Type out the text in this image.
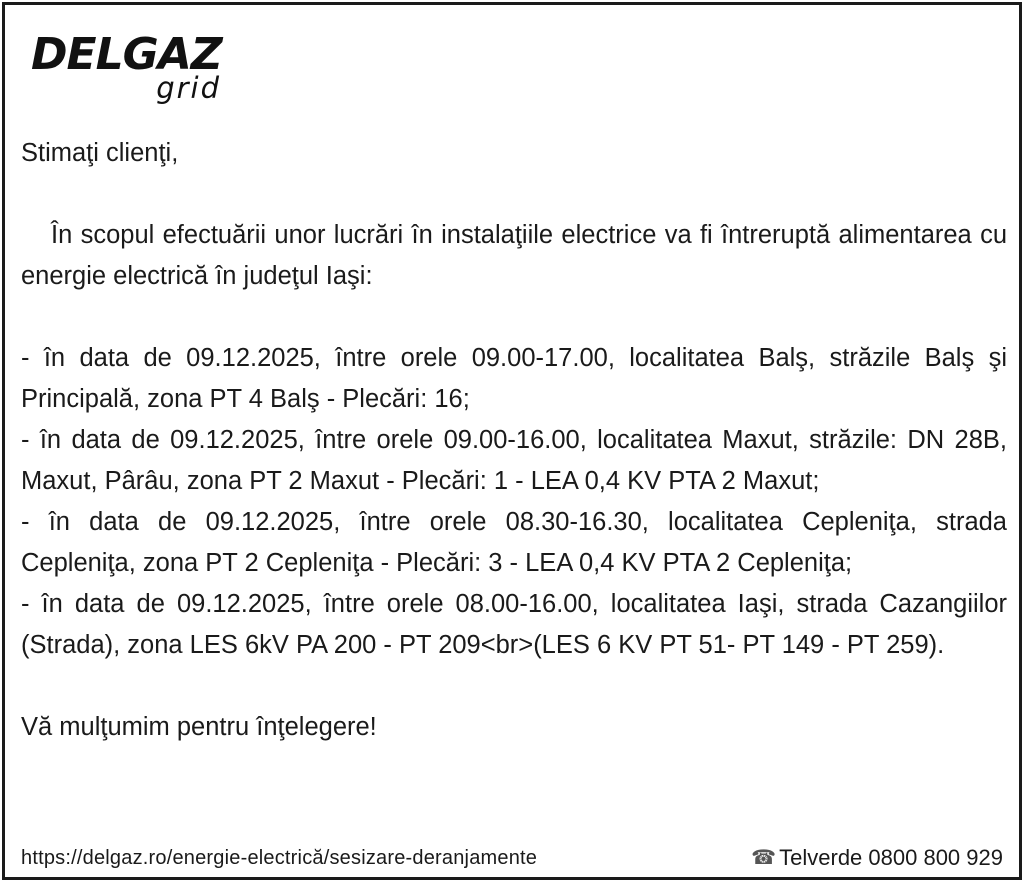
DELGAZ
grid

Stimaţi clienţi,

În scopul efectuării unor lucrări în instalaţiile electrice va fi întreruptă alimentarea cu energie electrică în judeţul Iaşi:

- în data de 09.12.2025, între orele 09.00-17.00, localitatea Balş, străzile Balş şi Principală, zona PT 4 Balş - Plecări: 16;

- în data de 09.12.2025, între orele 09.00-16.00, localitatea Maxut, străzile: DN 28B, Maxut, Pârâu, zona PT 2 Maxut - Plecări: 1 - LEA 0,4 KV PTA 2 Maxut;

- în data de 09.12.2025, între orele 08.30-16.30, localitatea Cepleniţa, strada Cepleniţa, zona PT 2 Cepleniţa - Plecări: 3 - LEA 0,4 KV PTA 2 Cepleniţa;

- în data de 09.12.2025, între orele 08.00-16.00, localitatea Iaşi, strada Cazangiilor (Strada), zona LES 6kV PA 200 - PT 209<br>(LES 6 KV PT 51- PT 149 - PT 259).

Vă mulţumim pentru înţelegere!

https://delgaz.ro/energie-electrică/sesizare-deranjamente	☎ Telverde 0800 800 929
